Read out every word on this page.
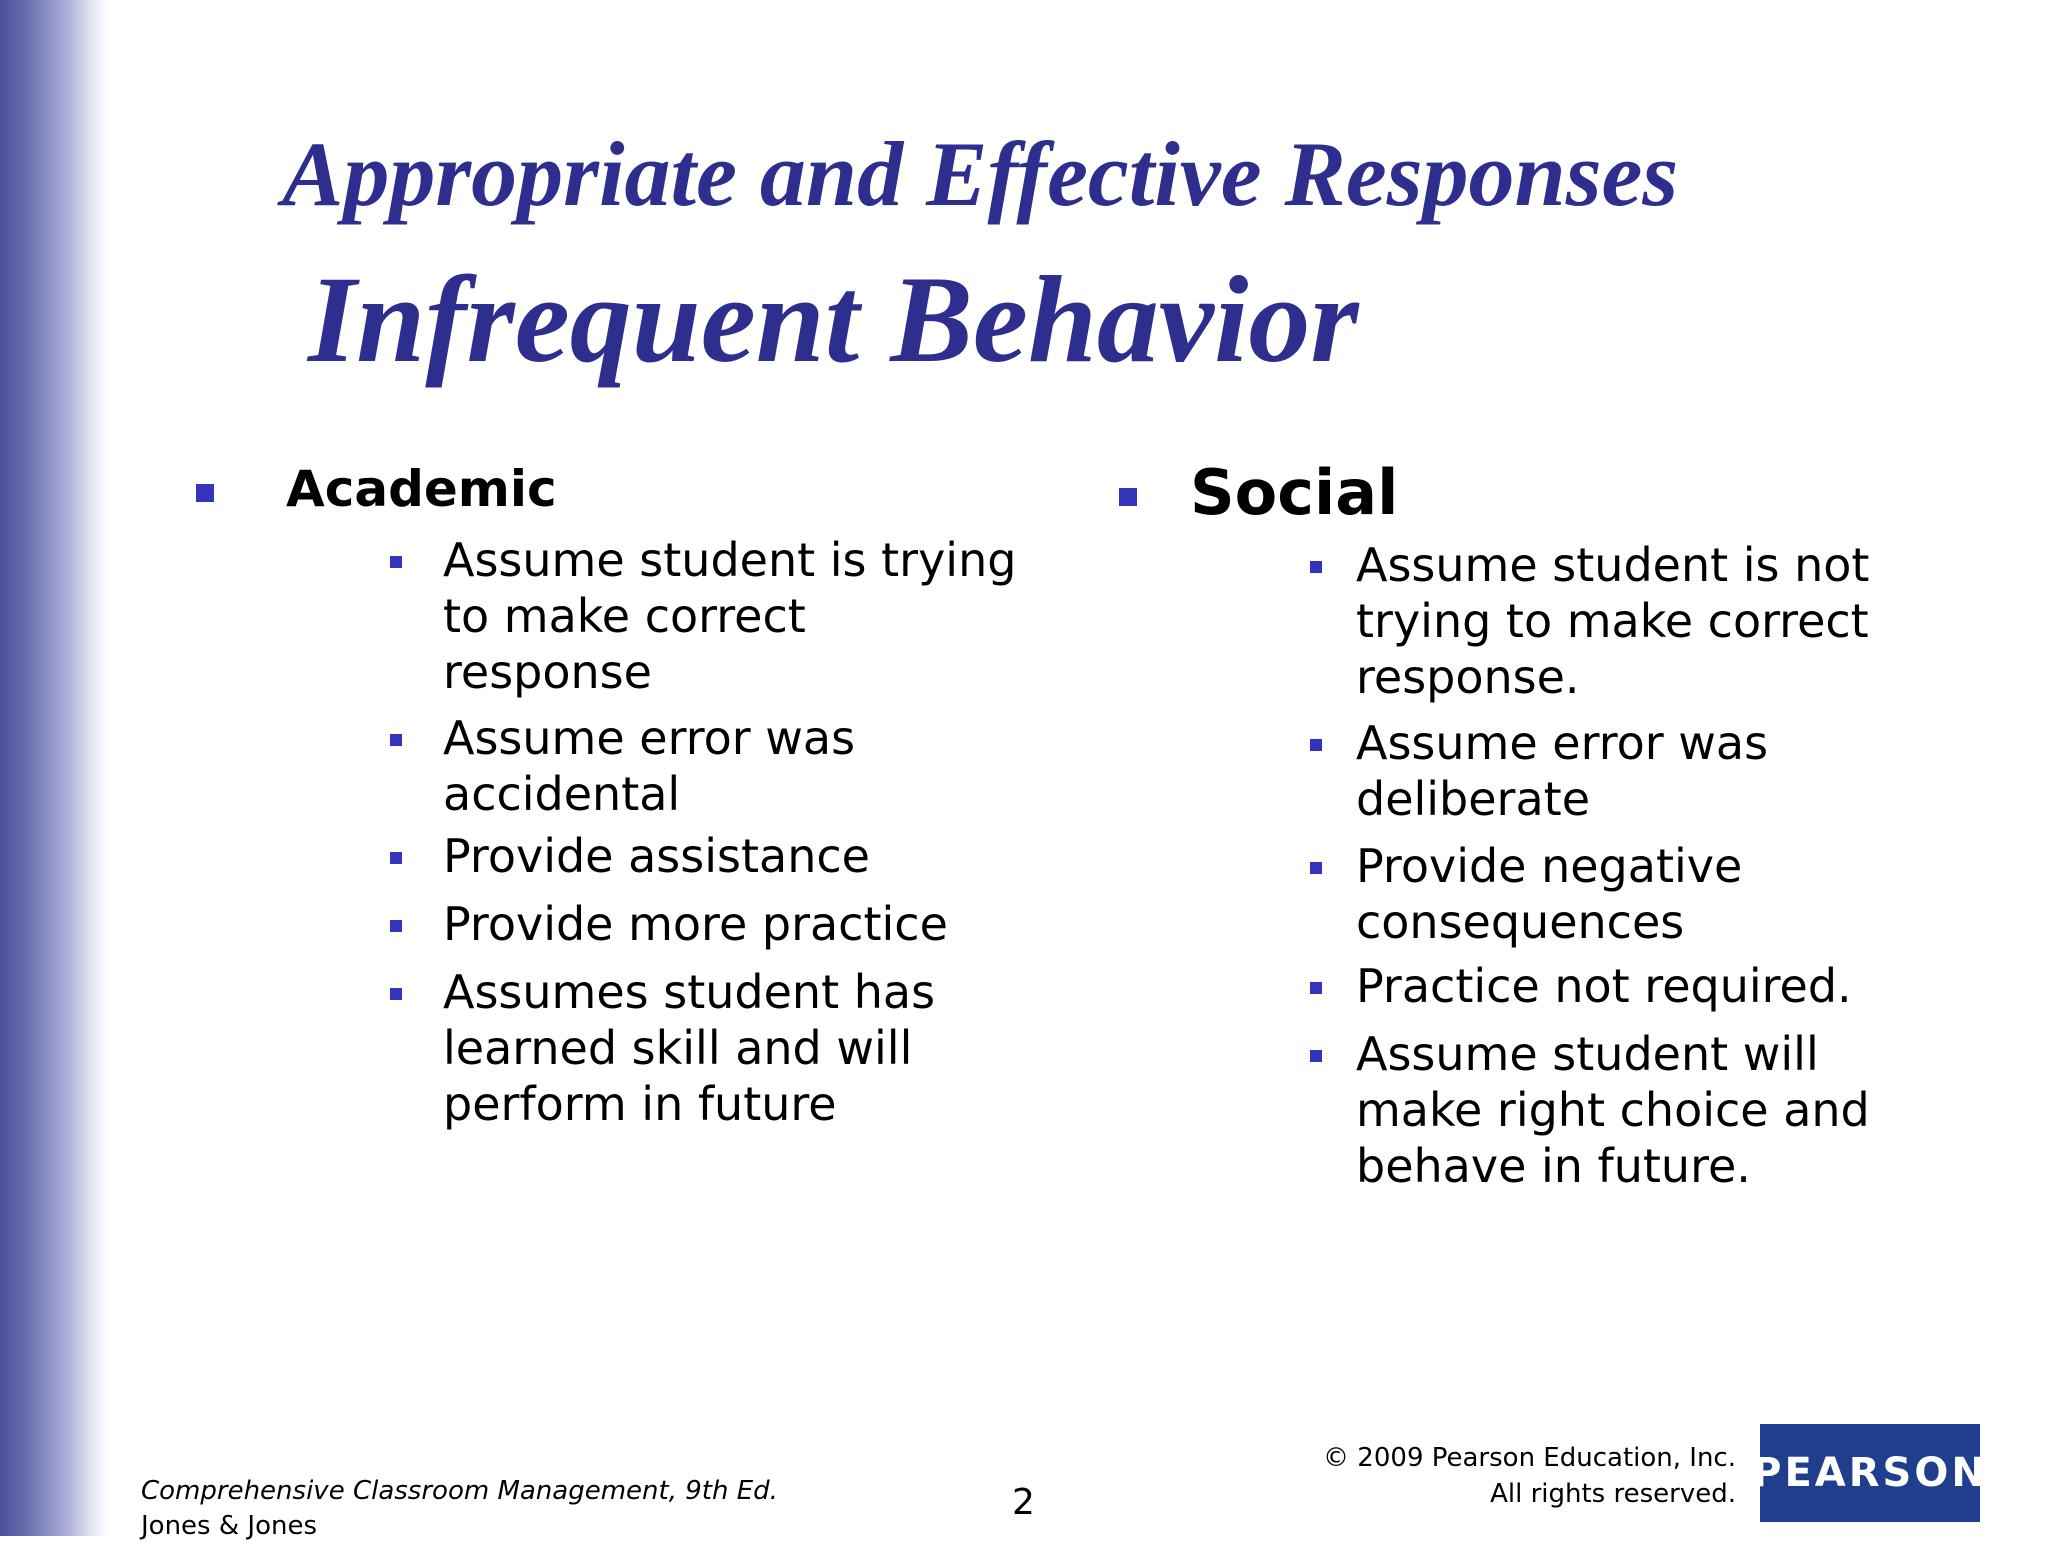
Appropriate and Effective Responses
Infrequent Behavior
Academic
Assume student is trying
to make correct
response
Assume error was
accidental
Provide assistance
Provide more practice
Assumes student has
learned skill and will
perform in future
Social
Assume student is not
trying to make correct
response.
Assume error was
deliberate
Provide negative
consequences
Practice not required.
Assume student will
make right choice and
behave in future.
Comprehensive Classroom Management, 9th Ed.
Jones & Jones
2
© 2009 Pearson Education, Inc.
All rights reserved. PEARSON
